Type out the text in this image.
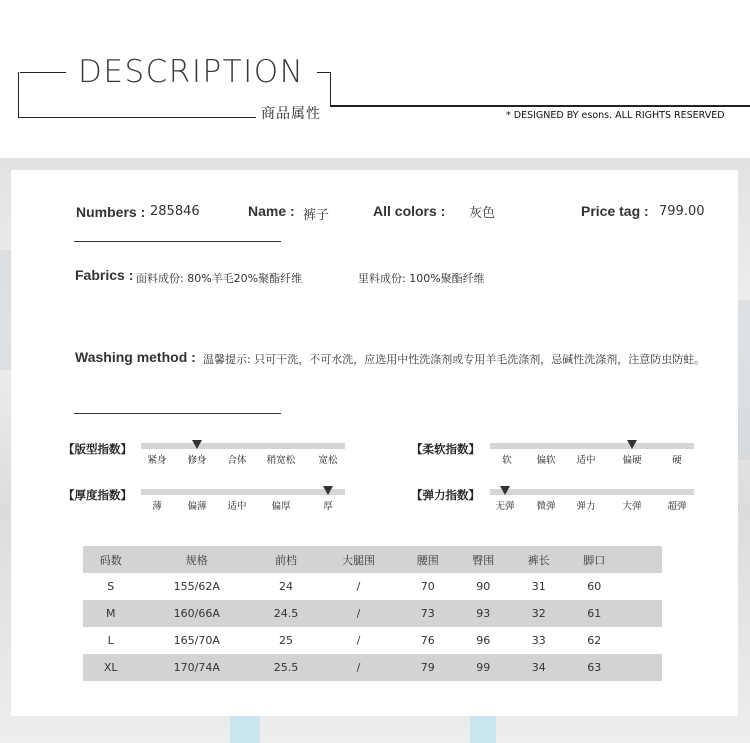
DESCRIPTION
商品属性	* DESIGNED BY esons. ALL RIGHTS RESERVED
Numbers : 285846	Name : 裤子	All colors : 灰色	Price tag : 799.00
Fabrics : 面料成份: 80%羊毛20%聚酯纤维	里料成份: 100%聚酯纤维
Washing method : 温馨提示: 只可干洗，不可水洗，应选用中性洗涤剂或专用羊毛洗涤剂，忌碱性洗涤剂，注意防虫防蛀。
【版型指数】
紧身 修身 合体 稍宽松 宽松
【柔软指数】
软	偏软 适中	偏硬	硬
【厚度指数】
薄	偏薄 适中	偏厚	厚
【弹力指数】
无弹 微弹 弹力	大弹	超弹
码数	规格	前档	大腿围	腰围	臀围	裤长	脚口	
S	155/62A	24	/	70	90	31	60	
M	160/66A	24.5	/	73	93	32	61	
L	165/70A	25	/	76	96	33	62	
XL	170/74A	25.5	/	79	99	34	63	
